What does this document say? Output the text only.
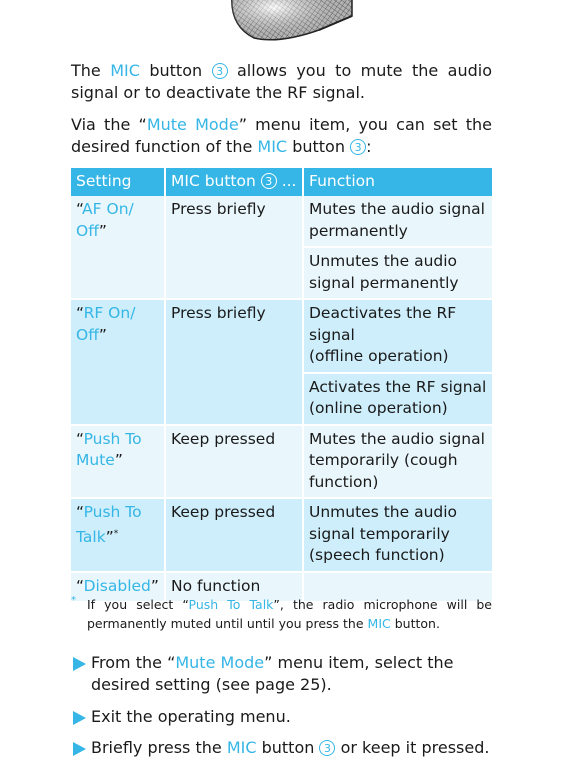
The MIC button 3 allows you to mute the audio signal or to deactivate the RF signal.
Via the “Mute Mode” menu item, you can set the desired function of the MIC button 3 :
Setting	MIC button 3 ...	Function
“AF On/ Off”	Press briefly	Mutes the audio signal permanently
		Unmutes the audio signal permanently
“RF On/ Off”	Press briefly	Deactivates the RF signal
(offline operation)
		Activates the RF signal (online operation)
“Push To Mute”	Keep pressed	Mutes the audio signal temporarily (cough function)
“Push To Talk”*	Keep pressed	Unmutes the audio signal temporarily (speech function)
“Disabled”	No function	
* If you select “Push To Talk”, the radio microphone will be permanently muted until until you press the MIC button.
From the “Mute Mode” menu item, select the desired setting (see page 25).
Exit the operating menu.
Briefly press the MIC button 3 or keep it pressed.
